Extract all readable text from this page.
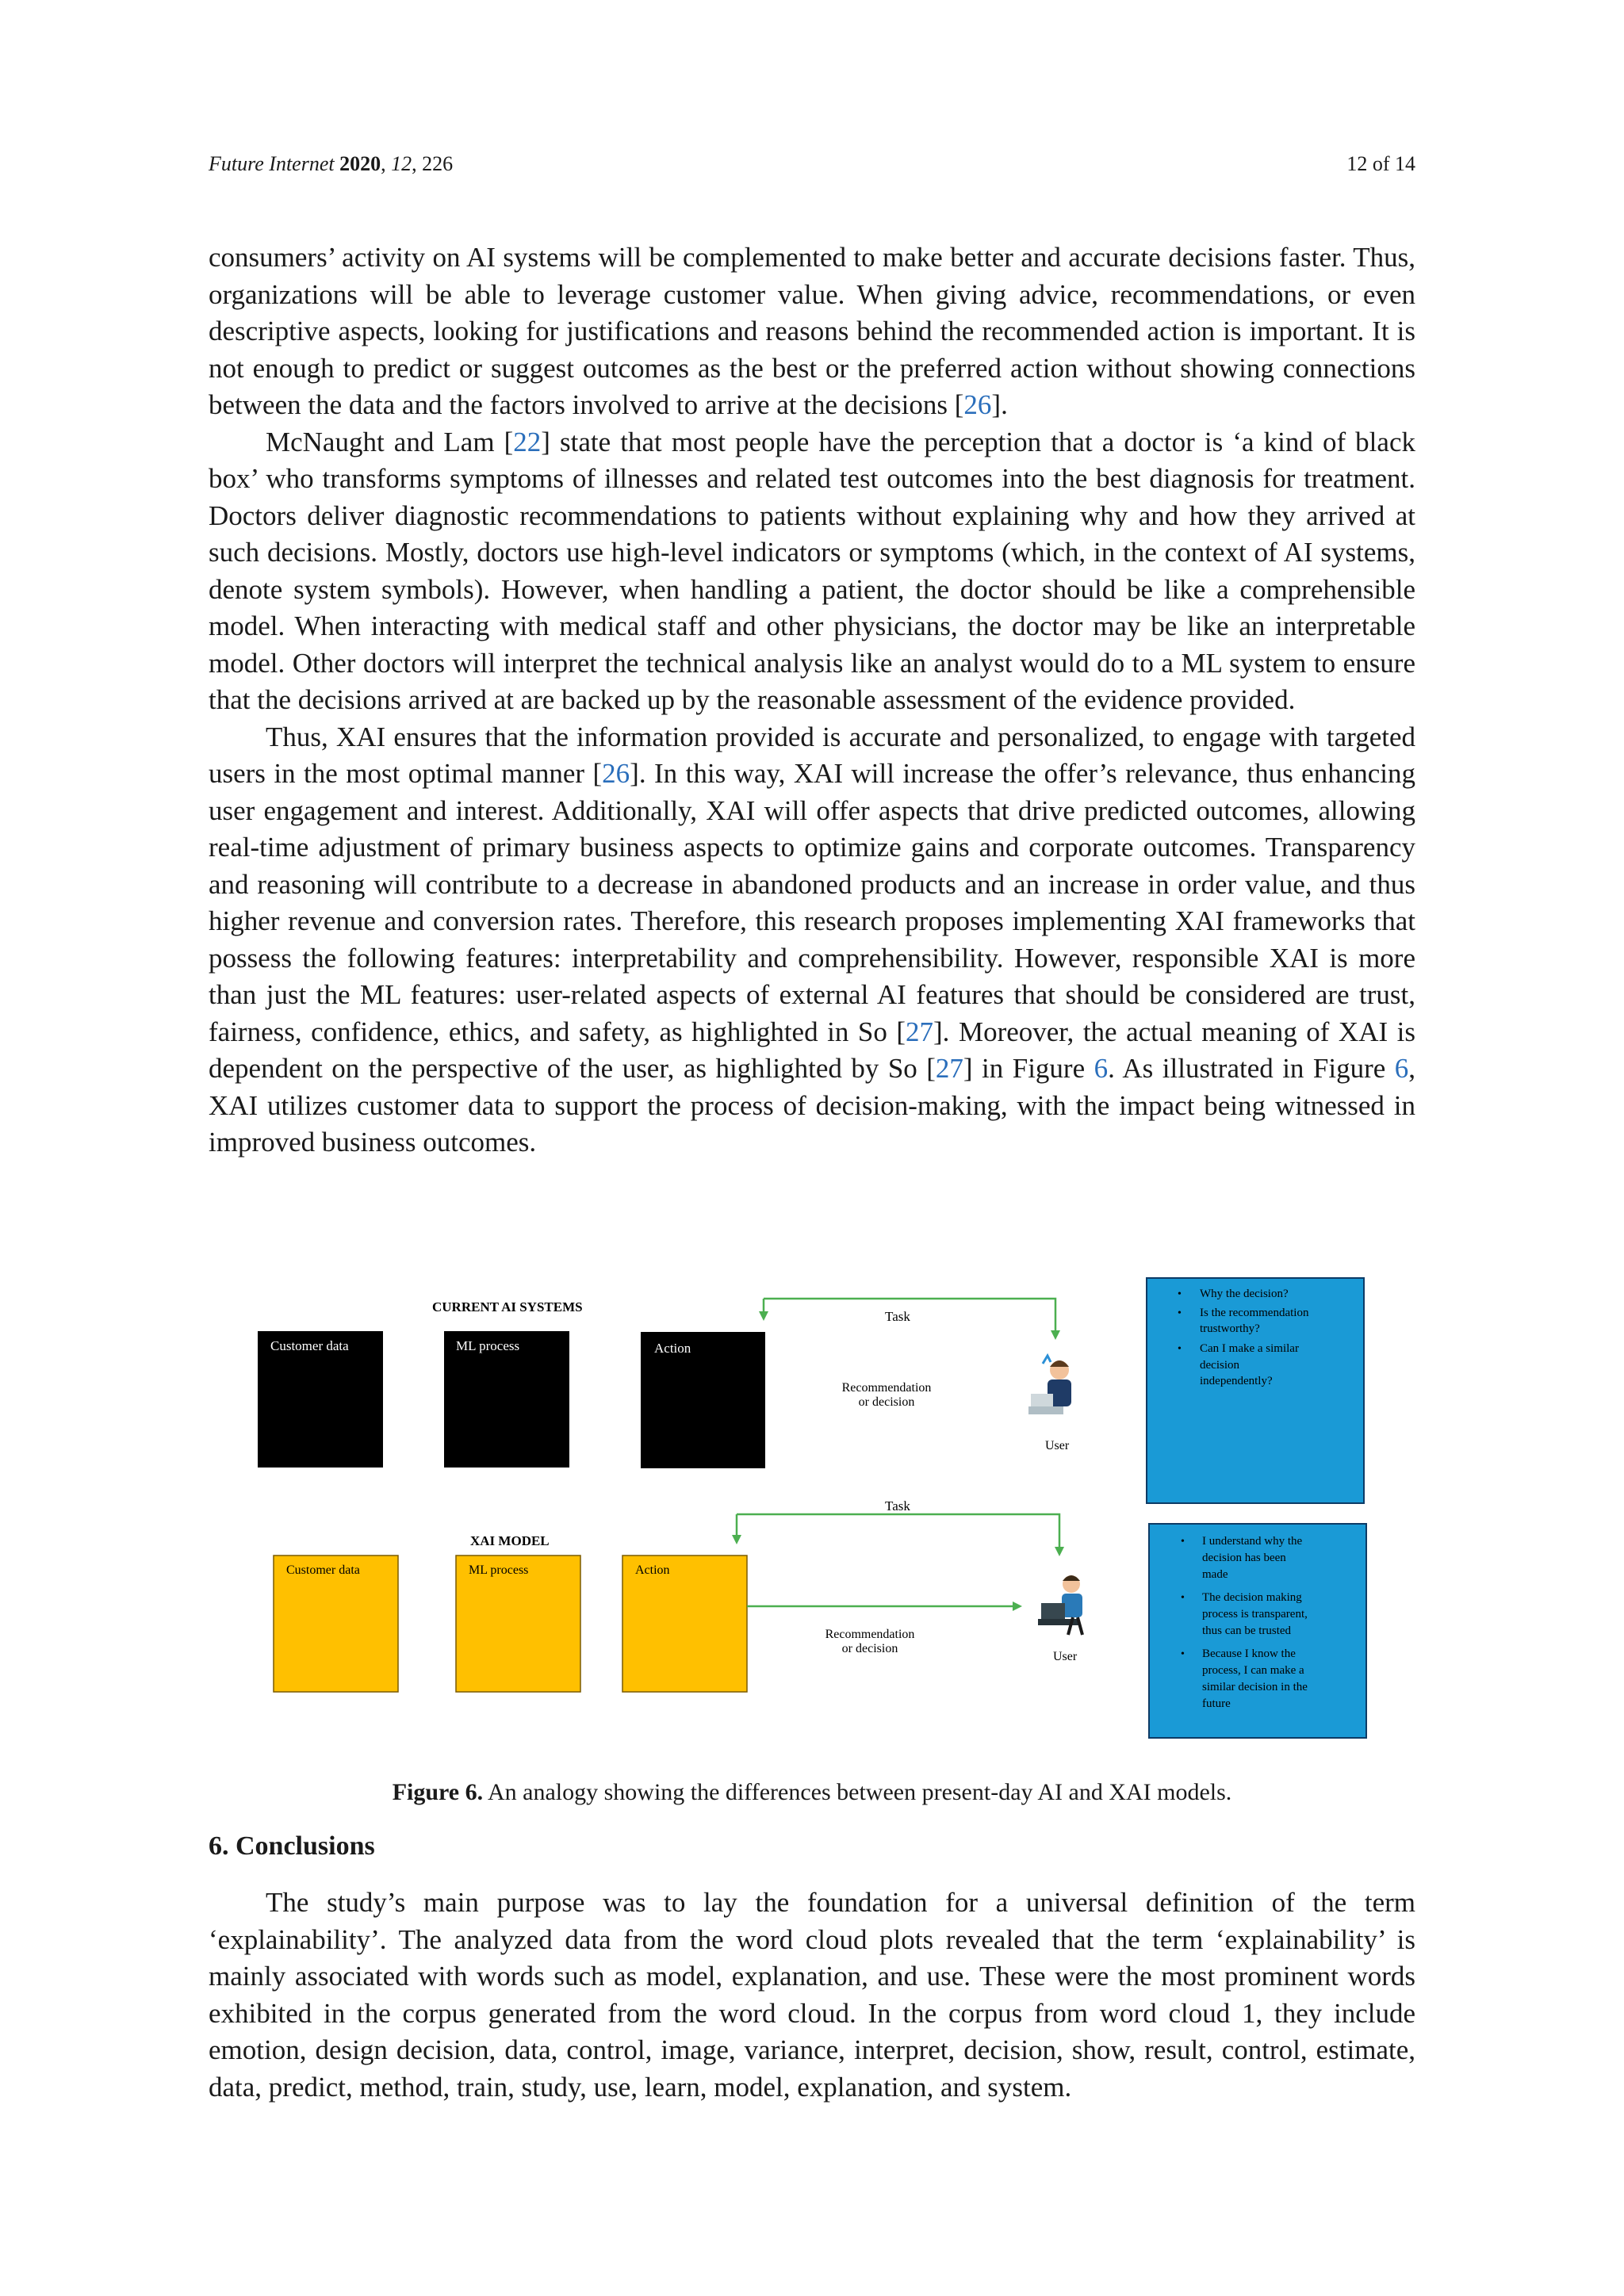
Future Internet 2020, 12, 226	12 of 14

consumers’ activity on AI systems will be complemented to make better and accurate decisions faster. Thus, organizations will be able to leverage customer value. When giving advice, recommendations, or even descriptive aspects, looking for justifications and reasons behind the recommended action is important. It is not enough to predict or suggest outcomes as the best or the preferred action without showing connections between the data and the factors involved to arrive at the decisions [26].

McNaught and Lam [22] state that most people have the perception that a doctor is ‘a kind of black box’ who transforms symptoms of illnesses and related test outcomes into the best diagnosis for treatment. Doctors deliver diagnostic recommendations to patients without explaining why and how they arrived at such decisions. Mostly, doctors use high-level indicators or symptoms (which, in the context of AI systems, denote system symbols). However, when handling a patient, the doctor should be like a comprehensible model. When interacting with medical staff and other physicians, the doctor may be like an interpretable model. Other doctors will interpret the technical analysis like an analyst would do to a ML system to ensure that the decisions arrived at are backed up by the reasonable assessment of the evidence provided.

Thus, XAI ensures that the information provided is accurate and personalized, to engage with targeted users in the most optimal manner [26]. In this way, XAI will increase the offer’s relevance, thus enhancing user engagement and interest. Additionally, XAI will offer aspects that drive predicted outcomes, allowing real-time adjustment of primary business aspects to optimize gains and corporate outcomes. Transparency and reasoning will contribute to a decrease in abandoned products and an increase in order value, and thus higher revenue and conversion rates. Therefore, this research proposes implementing XAI frameworks that possess the following features: interpretability and comprehensibility. However, responsible XAI is more than just the ML features: user-related aspects of external AI features that should be considered are trust, fairness, confidence, ethics, and safety, as highlighted in So [27]. Moreover, the actual meaning of XAI is dependent on the perspective of the user, as highlighted by So [27] in Figure 6. As illustrated in Figure 6, XAI utilizes customer data to support the process of decision-making, with the impact being witnessed in improved business outcomes.

CURRENT AI SYSTEMS
Customer data	ML process	Action
Task
Recommendation
or decision
User
• Why the decision?
• Is the recommendation
trustworthy?
• Can I make a similar
decision
independently?
Task
XAI MODEL
Customer data	ML process	Action
Recommendation
or decision
User
• I understand why the
decision has been
made
• The decision making
process is transparent,
thus can be trusted
• Because I know the
process, I can make a
similar decision in the
future
Figure 6. An analogy showing the differences between present-day AI and XAI models.
6. Conclusions

The study’s main purpose was to lay the foundation for a universal definition of the term ‘explainability’. The analyzed data from the word cloud plots revealed that the term ‘explainability’ is mainly associated with words such as model, explanation, and use. These were the most prominent words exhibited in the corpus generated from the word cloud. In the corpus from word cloud 1, they include emotion, design decision, data, control, image, variance, interpret, decision, show, result, control, estimate, data, predict, method, train, study, use, learn, model, explanation, and system.
